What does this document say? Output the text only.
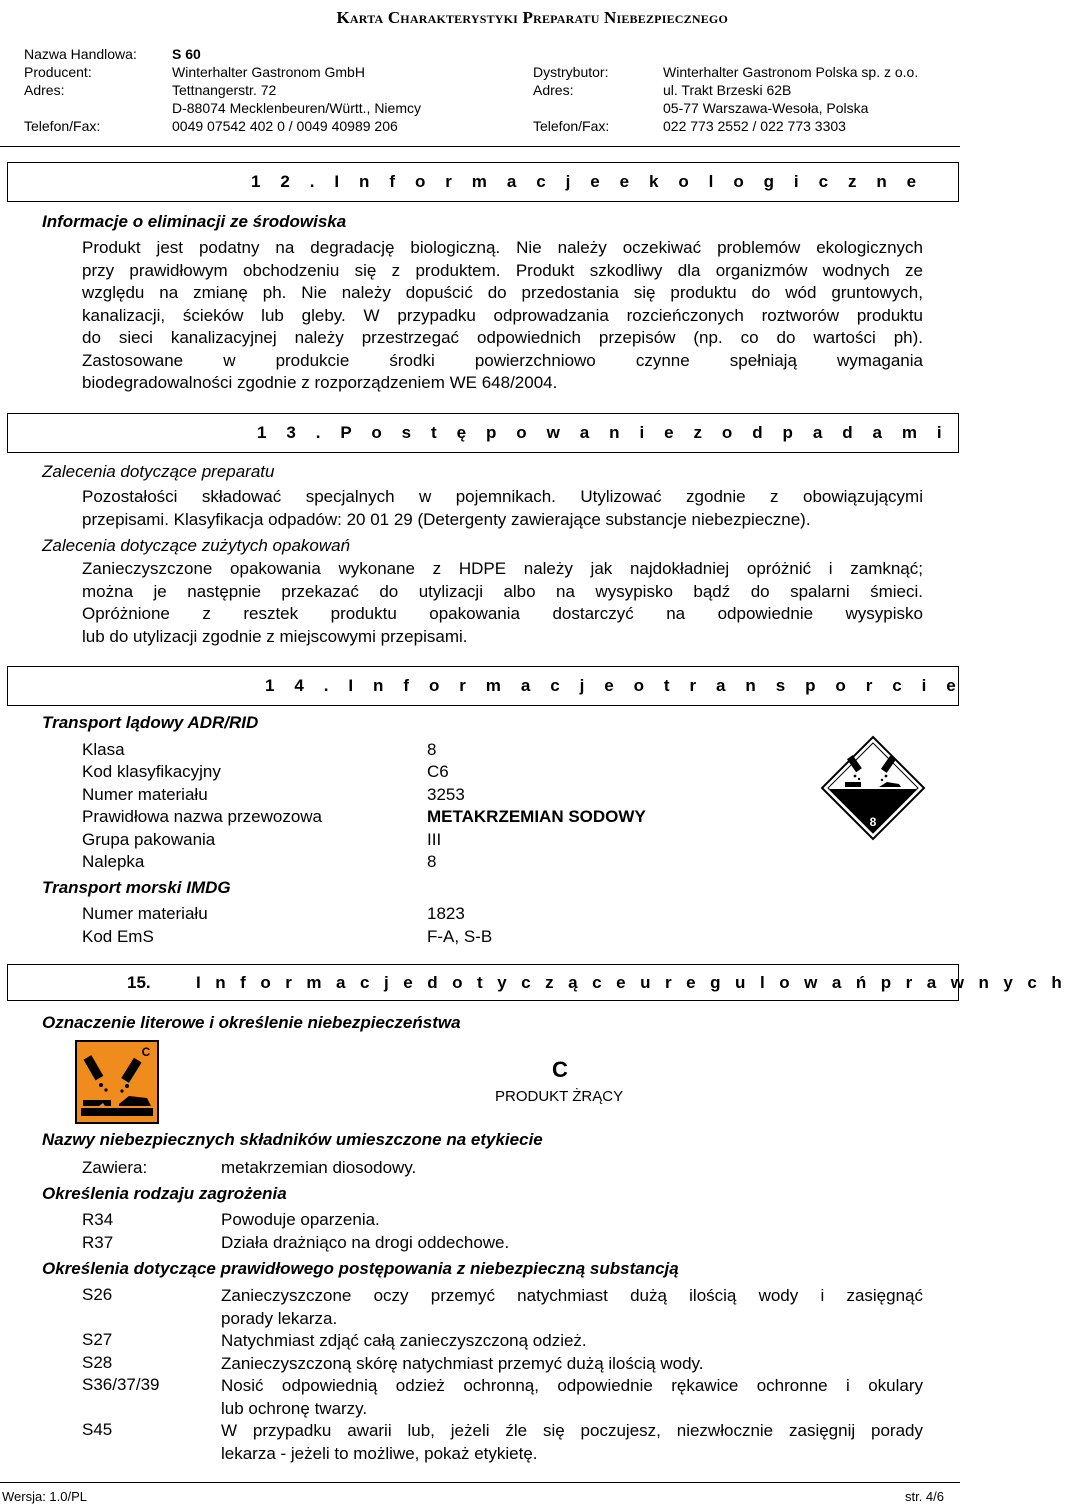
Karta Charakterystyki Preparatu Niebezpiecznego
Nazwa Handlowa:	S 60
Producent:	Winterhalter Gastronom GmbH	Dystrybutor:	Winterhalter Gastronom Polska sp. z o.o.
Adres:	Tettnangerstr. 72	Adres:	ul. Trakt Brzeski 62B
D-88074 Mecklenbeuren/Württ., Niemcy	05-77 Warszawa-Wesoła, Polska
Telefon/Fax:	0049 07542 402 0 / 0049 40989 206	Telefon/Fax:	022 773 2552 / 022 773 3303
1 2 . I n f o r m a c j e e k o l o g i c z n e
Informacje o eliminacji ze środowiska
Produkt jest podatny na degradację biologiczną. Nie należy oczekiwać problemów ekologicznych
przy prawidłowym obchodzeniu się z produktem. Produkt szkodliwy dla organizmów wodnych ze
względu na zmianę ph. Nie należy dopuścić do przedostania się produktu do wód gruntowych,
kanalizacji, ścieków lub gleby. W przypadku odprowadzania rozcieńczonych roztworów produktu
do sieci kanalizacyjnej należy przestrzegać odpowiednich przepisów (np. co do wartości ph).
Zastosowane w produkcie środki powierzchniowo czynne spełniają wymagania
biodegradowalności zgodnie z rozporządzeniem WE 648/2004.
1 3 . P o s t ę p o w a n i e z o d p a d a m i
Zalecenia dotyczące preparatu
Pozostałości składować specjalnych w pojemnikach. Utylizować zgodnie z obowiązującymi
przepisami. Klasyfikacja odpadów: 20 01 29 (Detergenty zawierające substancje niebezpieczne).
Zalecenia dotyczące zużytych opakowań
Zanieczyszczone opakowania wykonane z HDPE należy jak najdokładniej opróżnić i zamknąć;
można je następnie przekazać do utylizacji albo na wysypisko bądź do spalarni śmieci.
Opróżnione z resztek produktu opakowania dostarczyć na odpowiednie wysypisko
lub do utylizacji zgodnie z miejscowymi przepisami.
1 4 . I n f o r m a c j e o t r a n s p o r c i e
Transport lądowy ADR/RID
Klasa	8
Kod klasyfikacyjny	C6
Numer materiału	3253
Prawidłowa nazwa przewozowa	METAKRZEMIAN SODOWY
Grupa pakowania	III
Nalepka	8
Transport morski IMDG
Numer materiału	1823
Kod EmS	F-A, S-B
8
15.	I n f o r m a c j e d o t y c z ą c e u r e g u l o w a ń p r a w n y c h
Oznaczenie literowe i określenie niebezpieczeństwa
C
C
PRODUKT ŻRĄCY
Nazwy niebezpiecznych składników umieszczone na etykiecie
Zawiera:	metakrzemian diosodowy.
Określenia rodzaju zagrożenia
R34	Powoduje oparzenia.
R37	Działa drażniąco na drogi oddechowe.
Określenia dotyczące prawidłowego postępowania z niebezpieczną substancją
S26	Zanieczyszczone oczy przemyć natychmiast dużą ilością wody i zasięgnąć
porady lekarza.
S27	Natychmiast zdjąć całą zanieczyszczoną odzież.
S28	Zanieczyszczoną skórę natychmiast przemyć dużą ilością wody.
S36/37/39	Nosić odpowiednią odzież ochronną, odpowiednie rękawice ochronne i okulary
lub ochronę twarzy.
S45	W przypadku awarii lub, jeżeli źle się poczujesz, niezwłocznie zasięgnij porady
lekarza - jeżeli to możliwe, pokaż etykietę.
Wersja: 1.0/PL	str. 4/6
